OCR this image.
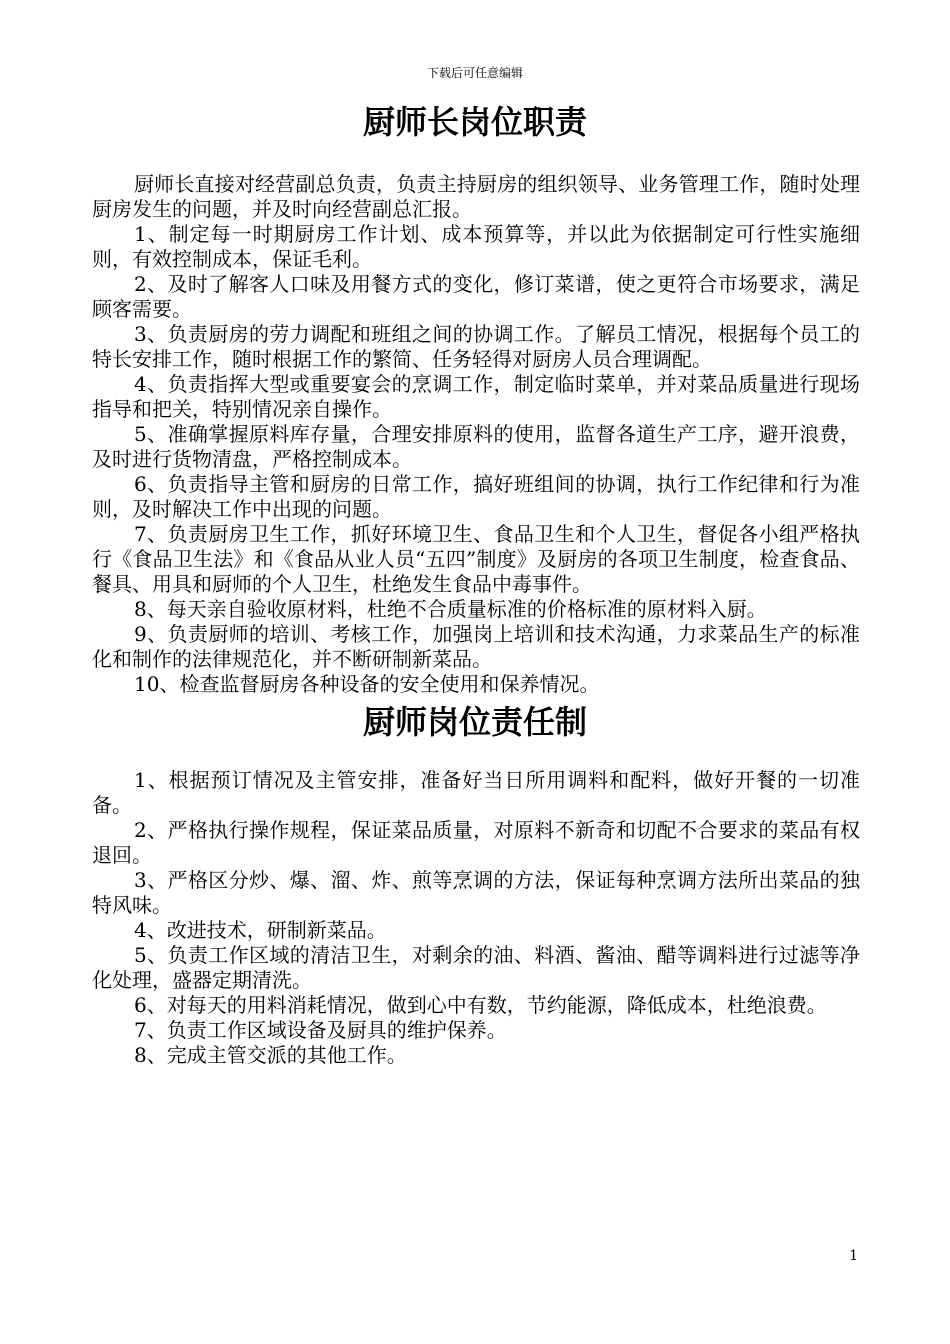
下载后可任意编辑
厨师长岗位职责

厨师长直接对经营副总负责，负责主持厨房的组织领导、业务管理工作，随时处理厨房发生的问题，并及时向经营副总汇报。

1、制定每一时期厨房工作计划、成本预算等，并以此为依据制定可行性实施细则，有效控制成本，保证毛利。

2、及时了解客人口味及用餐方式的变化，修订菜谱，使之更符合市场要求，满足顾客需要。

3、负责厨房的劳力调配和班组之间的协调工作。了解员工情况，根据每个员工的特长安排工作，随时根据工作的繁简、任务轻得对厨房人员合理调配。

4、负责指挥大型或重要宴会的烹调工作，制定临时菜单，并对菜品质量进行现场指导和把关，特别情况亲自操作。

5、准确掌握原料库存量，合理安排原料的使用，监督各道生产工序，避开浪费，及时进行货物清盘，严格控制成本。

6、负责指导主管和厨房的日常工作，搞好班组间的协调，执行工作纪律和行为准则，及时解决工作中出现的问题。

7、负责厨房卫生工作，抓好环境卫生、食品卫生和个人卫生，督促各小组严格执行《食品卫生法》和《食品从业人员“五四”制度》及厨房的各项卫生制度，检查食品、餐具、用具和厨师的个人卫生，杜绝发生食品中毒事件。

8、每天亲自验收原材料，杜绝不合质量标准的价格标准的原材料入厨。

9、负责厨师的培训、考核工作，加强岗上培训和技术沟通，力求菜品生产的标准化和制作的法律规范化，并不断研制新菜品。

10、检查监督厨房各种设备的安全使用和保养情况。

厨师岗位责任制

1、根据预订情况及主管安排，准备好当日所用调料和配料，做好开餐的一切准备。

2、严格执行操作规程，保证菜品质量，对原料不新奇和切配不合要求的菜品有权退回。

3、严格区分炒、爆、溜、炸、煎等烹调的方法，保证每种烹调方法所出菜品的独特风味。

4、改进技术，研制新菜品。

5、负责工作区域的清洁卫生，对剩余的油、料酒、酱油、醋等调料进行过滤等净化处理，盛器定期清洗。

6、对每天的用料消耗情况，做到心中有数，节约能源，降低成本，杜绝浪费。

7、负责工作区域设备及厨具的维护保养。

8、完成主管交派的其他工作。

1
